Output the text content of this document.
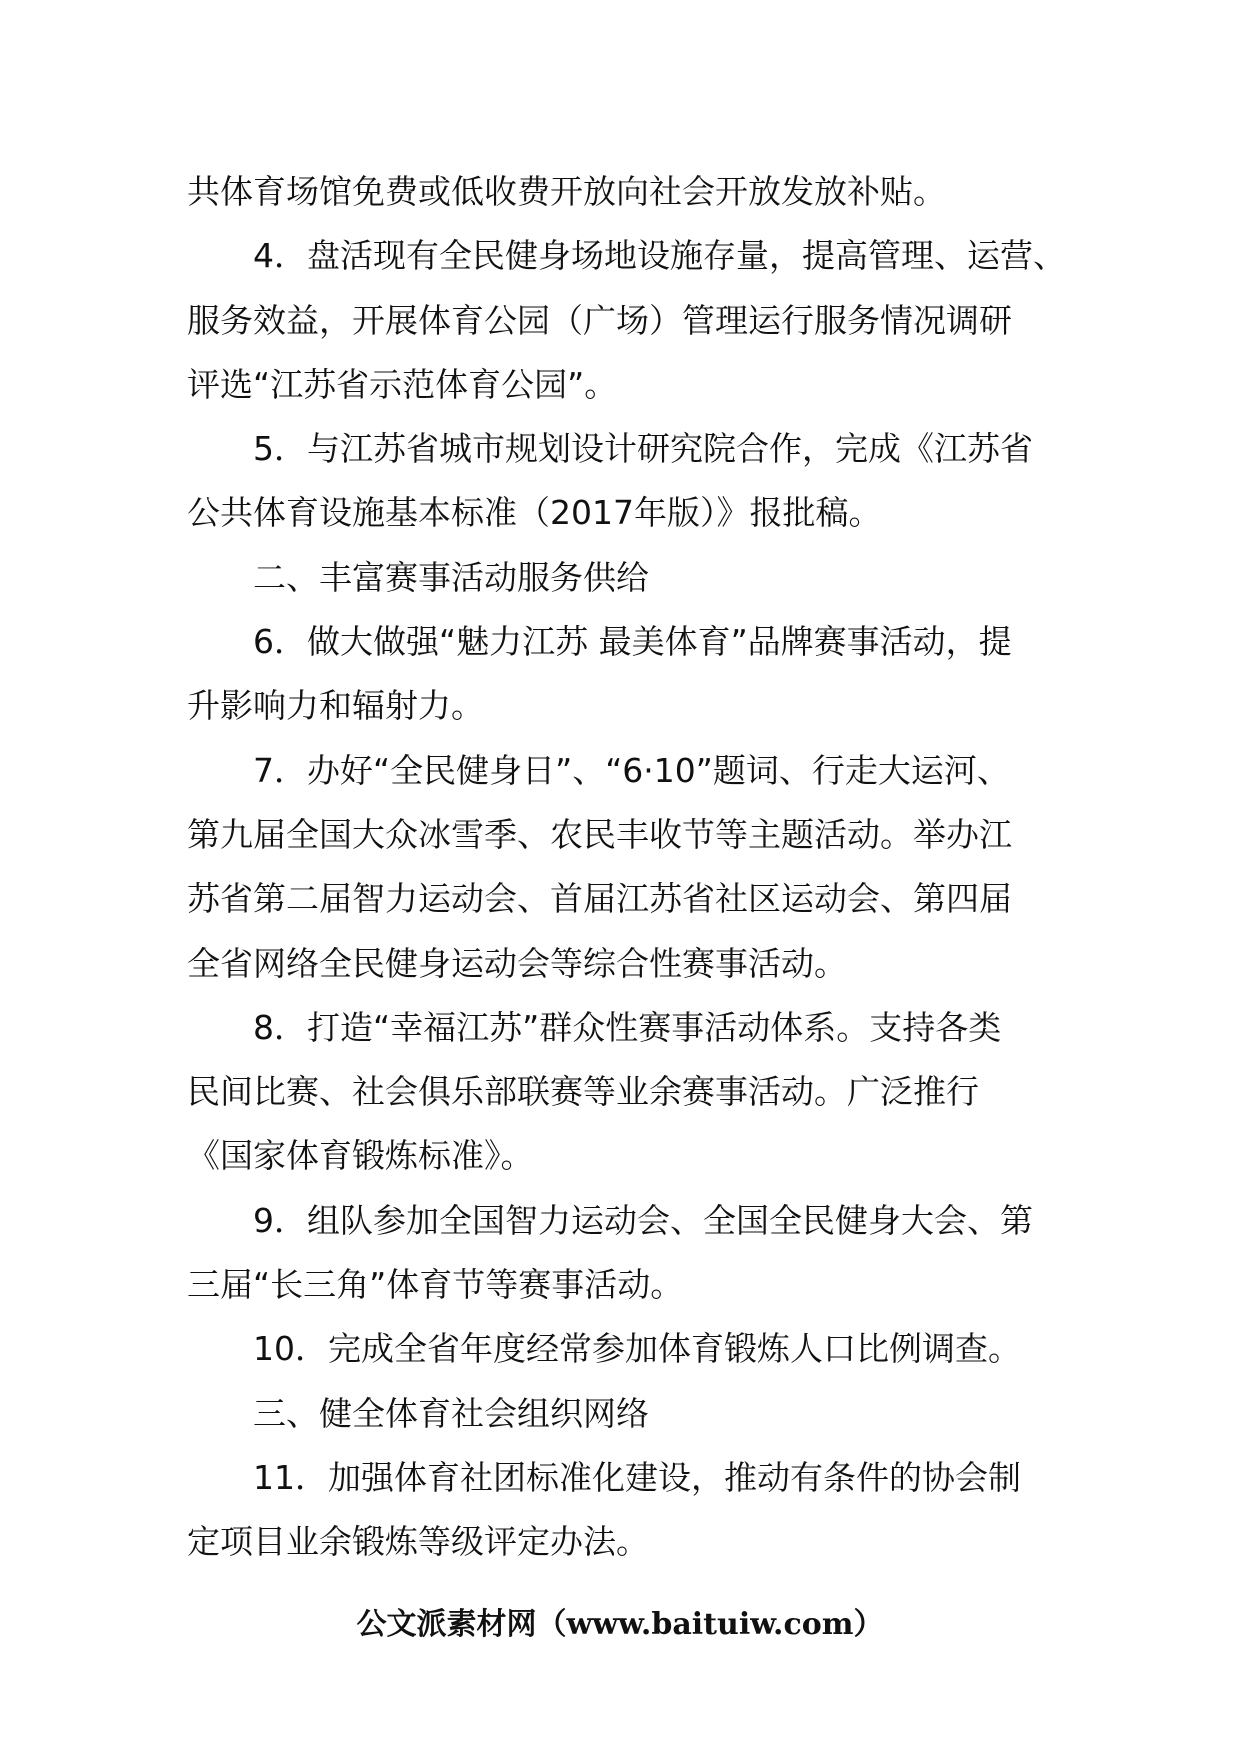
共体育场馆免费或低收费开放向社会开放发放补贴。
4．盘活现有全民健身场地设施存量，提高管理、运营、
服务效益，开展体育公园（广场）管理运行服务情况调研
评选“江苏省示范体育公园”。
5．与江苏省城市规划设计研究院合作，完成《江苏省
公共体育设施基本标准（2017年版）》报批稿。
二、丰富赛事活动服务供给
6．做大做强“魅力江苏 最美体育”品牌赛事活动，提
升影响力和辐射力。
7．办好“全民健身日”、“6·10”题词、行走大运河、
第九届全国大众冰雪季、农民丰收节等主题活动。举办江
苏省第二届智力运动会、首届江苏省社区运动会、第四届
全省网络全民健身运动会等综合性赛事活动。
8．打造“幸福江苏”群众性赛事活动体系。支持各类
民间比赛、社会俱乐部联赛等业余赛事活动。广泛推行
《国家体育锻炼标准》。
9．组队参加全国智力运动会、全国全民健身大会、第
三届“长三角”体育节等赛事活动。
10．完成全省年度经常参加体育锻炼人口比例调查。
三、健全体育社会组织网络
11．加强体育社团标准化建设，推动有条件的协会制
定项目业余锻炼等级评定办法。
公文派素材网（www.baituiw.com）
